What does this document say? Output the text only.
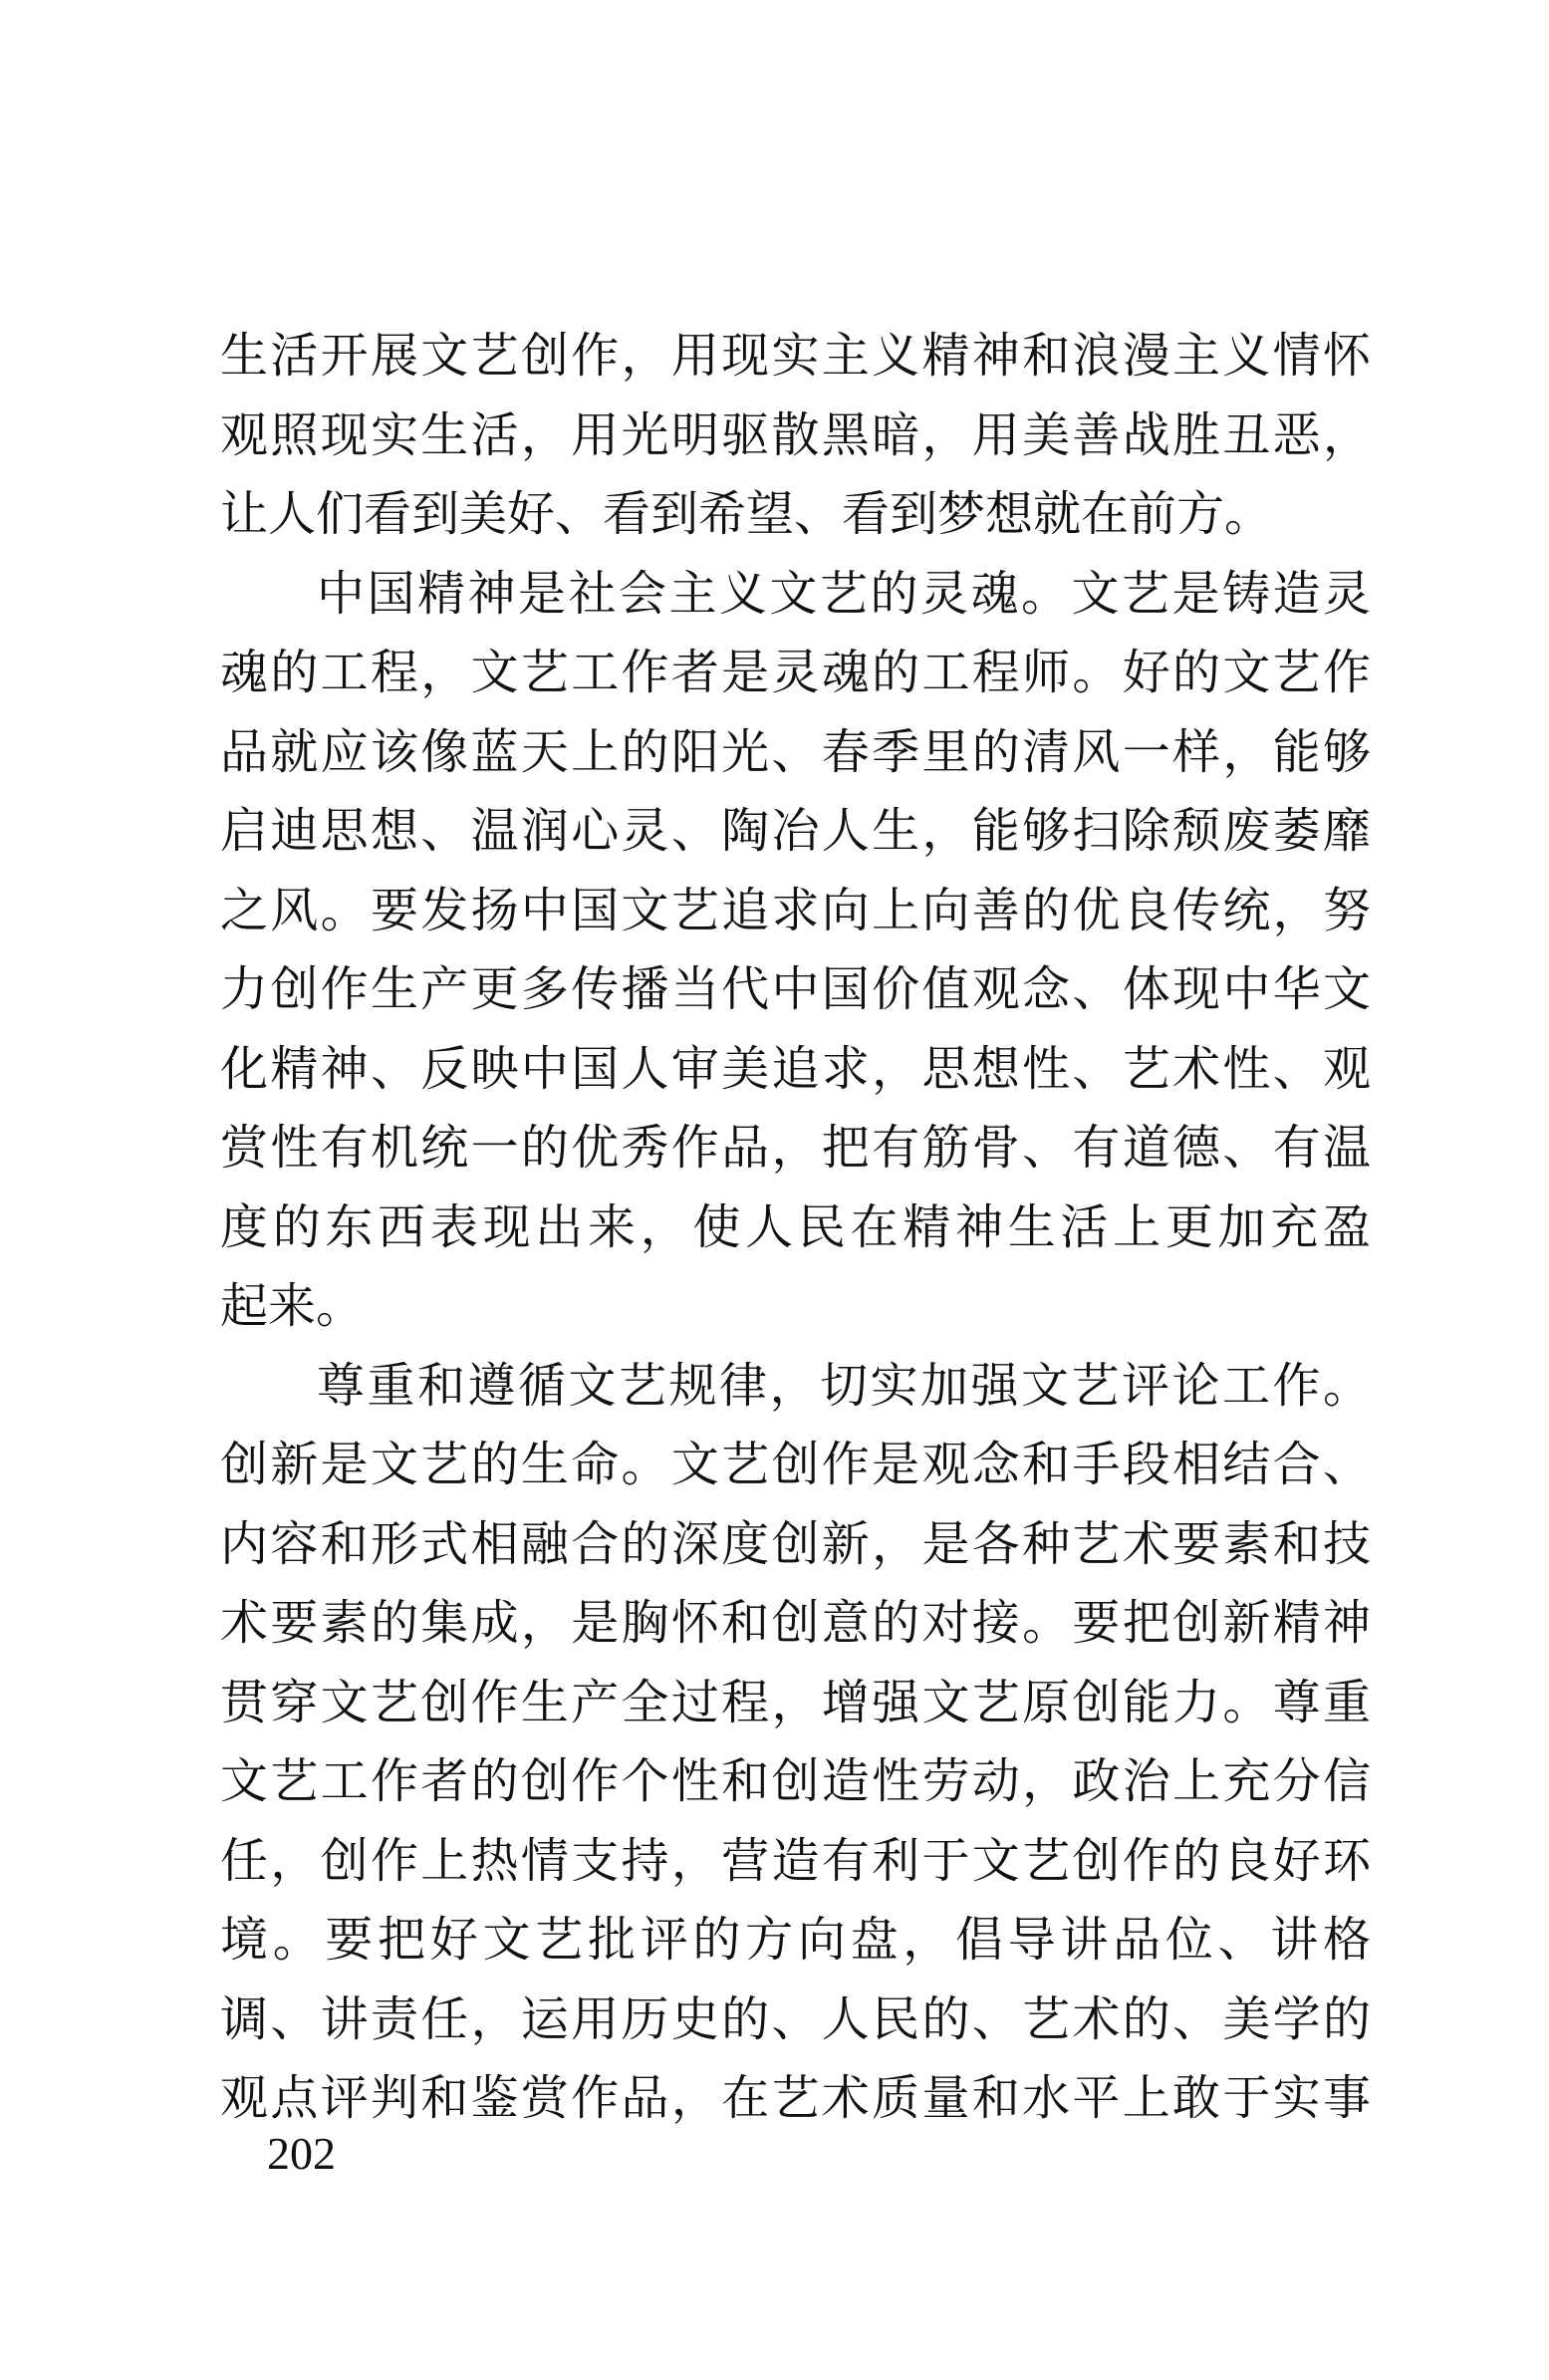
生活开展文艺创作，用现实主义精神和浪漫主义情怀
观照现实生活，用光明驱散黑暗，用美善战胜丑恶，
让人们看到美好、看到希望、看到梦想就在前方。
中国精神是社会主义文艺的灵魂。文艺是铸造灵
魂的工程，文艺工作者是灵魂的工程师。好的文艺作
品就应该像蓝天上的阳光、春季里的清风一样，能够
启迪思想、温润心灵、陶冶人生，能够扫除颓废萎靡
之风。要发扬中国文艺追求向上向善的优良传统，努
力创作生产更多传播当代中国价值观念、体现中华文
化精神、反映中国人审美追求，思想性、艺术性、观
赏性有机统一的优秀作品，把有筋骨、有道德、有温
度的东西表现出来，使人民在精神生活上更加充盈
起来。
尊重和遵循文艺规律，切实加强文艺评论工作。
创新是文艺的生命。文艺创作是观念和手段相结合、
内容和形式相融合的深度创新，是各种艺术要素和技
术要素的集成，是胸怀和创意的对接。要把创新精神
贯穿文艺创作生产全过程，增强文艺原创能力。尊重
文艺工作者的创作个性和创造性劳动，政治上充分信
任，创作上热情支持，营造有利于文艺创作的良好环
境。要把好文艺批评的方向盘，倡导讲品位、讲格
调、讲责任，运用历史的、人民的、艺术的、美学的
观点评判和鉴赏作品，在艺术质量和水平上敢于实事
202
